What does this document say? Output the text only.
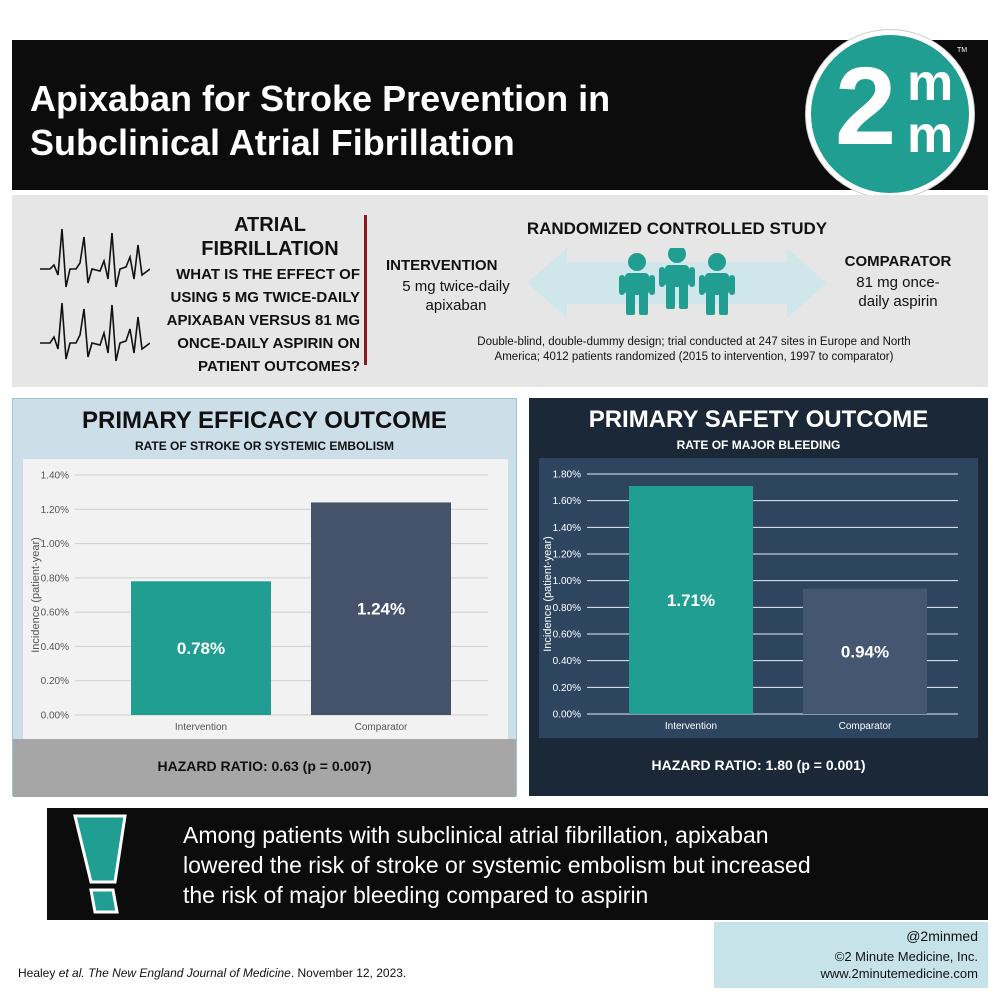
Apixaban for Stroke Prevention in
Subclinical Atrial Fibrillation	2 m
m
TM
ATRIAL
FIBRILLATION
WHAT IS THE EFFECT OF
USING 5 MG TWICE-DAILY
APIXABAN VERSUS 81 MG
ONCE-DAILY ASPIRIN ON
PATIENT OUTCOMES?
RANDOMIZED CONTROLLED STUDY
INTERVENTION
5 mg twice-daily
apixaban
COMPARATOR
81 mg once-
daily aspirin
Double-blind, double-dummy design; trial conducted at 247 sites in Europe and North
America; 4012 patients randomized (2015 to intervention, 1997 to comparator)
PRIMARY EFFICACY OUTCOME
RATE OF STROKE OR SYSTEMIC EMBOLISM
0.00%
0.20%
0.40%
0.60%
0.80%
1.00%
1.20%
1.40%
Incidence (patient-year)	0.78%
Intervention
1.24%
Comparator
HAZARD RATIO: 0.63 (p = 0.007)
PRIMARY SAFETY OUTCOME
RATE OF MAJOR BLEEDING
0.00%
0.20%
0.40%
0.60%
0.80%
1.00%
1.20%
1.40%
1.60%
1.80%
Incidence (patient-year)	1.71%
Intervention
0.94%
Comparator
HAZARD RATIO: 1.80 (p = 0.001)
Among patients with subclinical atrial fibrillation, apixaban
lowered the risk of stroke or systemic embolism but increased
the risk of major bleeding compared to aspirin
@2minmed
©2 Minute Medicine, Inc.
www.2minutemedicine.com
Healey et al. The New England Journal of Medicine. November 12, 2023.
